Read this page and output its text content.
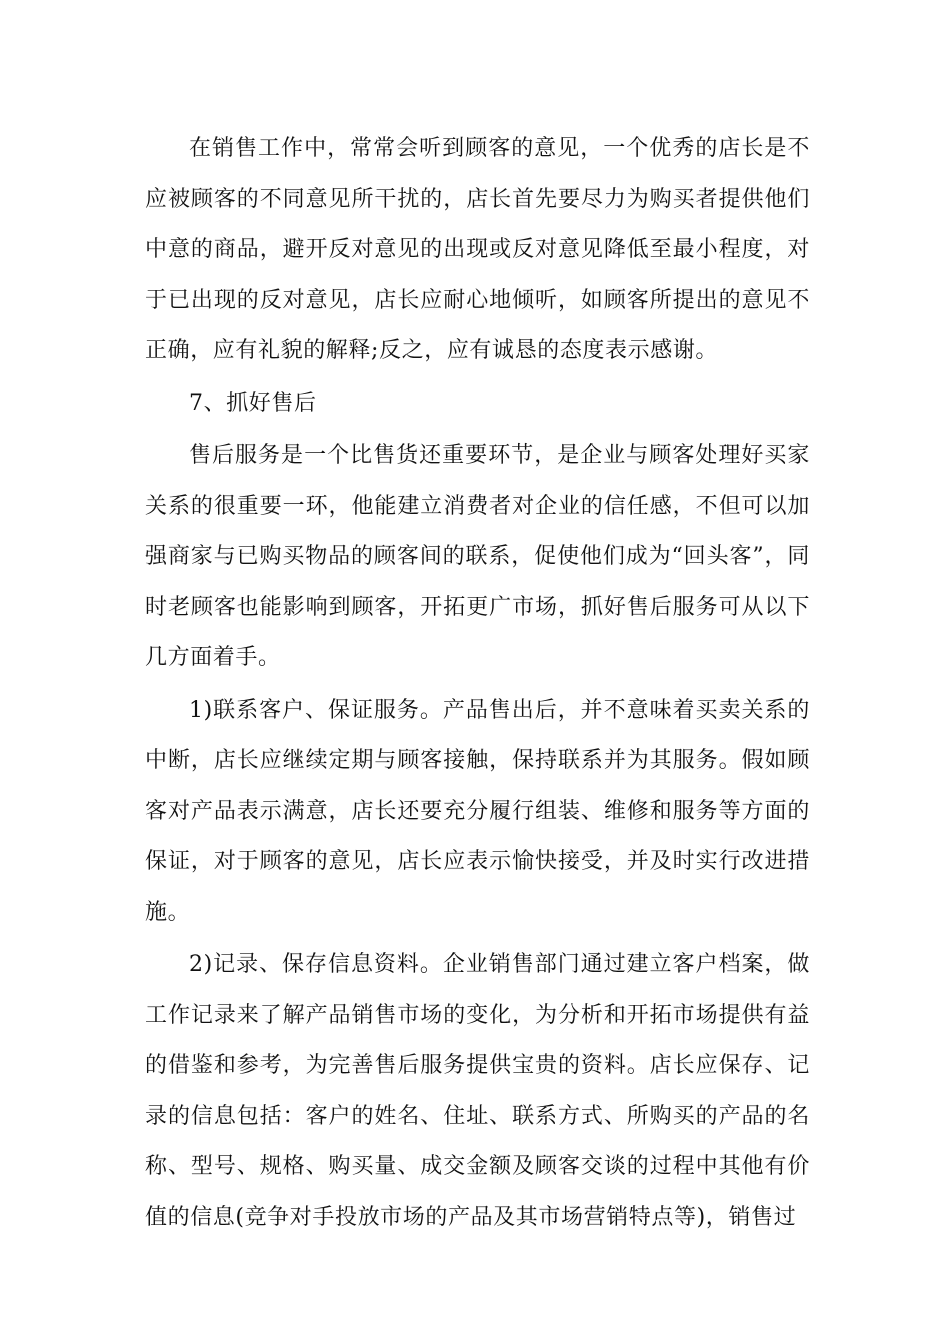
在销售工作中，常常会听到顾客的意见，一个优秀的店长是不应被顾客的不同意见所干扰的，店长首先要尽力为购买者提供他们中意的商品，避开反对意见的出现或反对意见降低至最小程度，对于已出现的反对意见，店长应耐心地倾听，如顾客所提出的意见不正确，应有礼貌的解释;反之，应有诚恳的态度表示感谢。

7、抓好售后

售后服务是一个比售货还重要环节，是企业与顾客处理好买家关系的很重要一环，他能建立消费者对企业的信任感，不但可以加强商家与已购买物品的顾客间的联系，促使他们成为“回头客”，同时老顾客也能影响到顾客，开拓更广市场，抓好售后服务可从以下几方面着手。

1)联系客户、保证服务。产品售出后，并不意味着买卖关系的中断，店长应继续定期与顾客接触，保持联系并为其服务。假如顾客对产品表示满意，店长还要充分履行组装、维修和服务等方面的保证，对于顾客的意见，店长应表示愉快接受，并及时实行改进措施。

2)记录、保存信息资料。企业销售部门通过建立客户档案，做工作记录来了解产品销售市场的变化，为分析和开拓市场提供有益的借鉴和参考，为完善售后服务提供宝贵的资料。店长应保存、记录的信息包括：客户的姓名、住址、联系方式、所购买的产品的名称、型号、规格、购买量、成交金额及顾客交谈的过程中其他有价值的信息(竞争对手投放市场的产品及其市场营销特点等)，销售过
